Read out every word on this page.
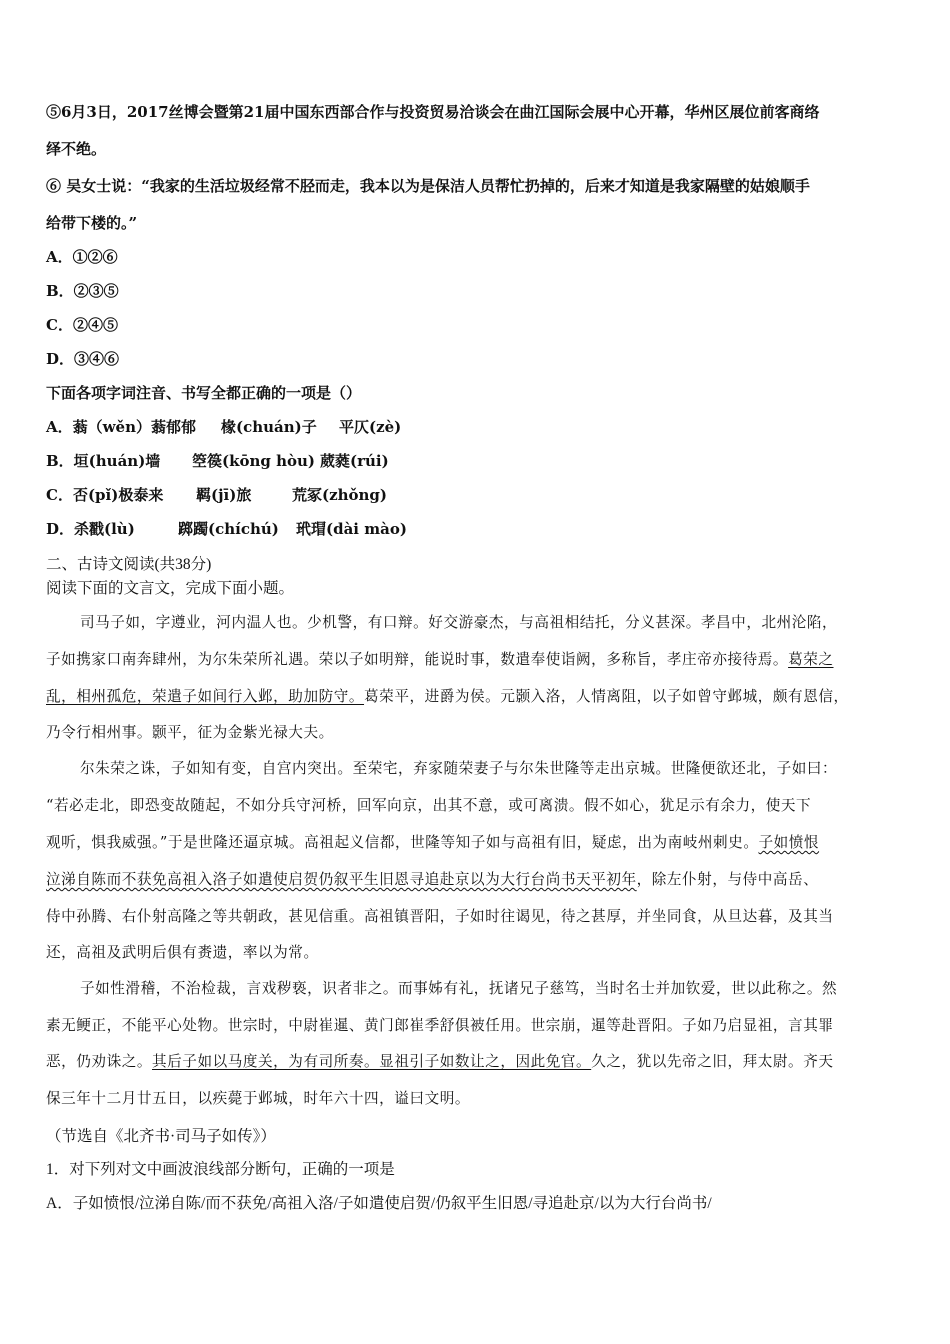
⑤6月3日，2017丝博会暨第21届中国东西部合作与投资贸易洽谈会在曲江国际会展中心开幕，华州区展位前客商络
绎不绝。
⑥ 吴女士说：“我家的生活垃圾经常不胫而走，我本以为是保洁人员帮忙扔掉的，后来才知道是我家隔壁的姑娘顺手
给带下楼的。”
A．①②⑥
B．②③⑤
C．②④⑤
D．③④⑥
下面各项字词注音、书写全都正确的一项是（）
A．蓊（wěn）蓊郁郁 椽(chuán)子 平仄(zè)
B．垣(huán)墙 箜篌(kōng hòu) 葳蕤(rúi)
C．否(pǐ)极泰来 羁(jī)旅	荒冢(zhǒng)
D．杀戳(lù)	踯躅(chíchú) 玳瑁(dài mào)
二、古诗文阅读(共38分)
阅读下面的文言文，完成下面小题。
司马子如，字遵业，河内温人也。少机警，有口辩。好交游豪杰，与高祖相结托，分义甚深。孝昌中，北州沦陷，
子如携家口南奔肆州，为尔朱荣所礼遇。荣以子如明辩，能说时事，数遣奉使诣阙，多称旨，孝庄帝亦接待焉。葛荣之
乱，相州孤危，荣遣子如间行入邺，助加防守。葛荣平，进爵为侯。元颢入洛，人情离阻，以子如曾守邺城，颇有恩信，
乃令行相州事。颢平，征为金紫光禄大夫。
尔朱荣之诛，子如知有变，自宫内突出。至荣宅，弃家随荣妻子与尔朱世隆等走出京城。世隆便欲还北，子如曰：
“若必走北，即恐变故随起，不如分兵守河桥，回军向京，出其不意，或可离溃。假不如心，犹足示有余力，使天下
观听，惧我威强。”于是世隆还逼京城。高祖起义信都，世隆等知子如与高祖有旧，疑虑，出为南岐州刺史。子如愤恨
泣涕自陈而不获免高祖入洛子如遣使启贺仍叙平生旧恩寻追赴京以为大行台尚书天平初年，除左仆射，与侍中高岳、
侍中孙腾、右仆射高隆之等共朝政，甚见信重。高祖镇晋阳，子如时往谒见，待之甚厚，并坐同食，从旦达暮，及其当
还，高祖及武明后俱有赉遗，率以为常。
子如性滑稽，不治检裁，言戏秽亵，识者非之。而事姊有礼，抚诸兄子慈笃，当时名士并加钦爱，世以此称之。然
素无鲠正，不能平心处物。世宗时，中尉崔暹、黄门郎崔季舒俱被任用。世宗崩，暹等赴晋阳。子如乃启显祖，言其罪
恶，仍劝诛之。其后子如以马度关，为有司所奏。显祖引子如数让之，因此免官。久之，犹以先帝之旧，拜太尉。齐天
保三年十二月廿五日，以疾薨于邺城，时年六十四，谥曰文明。
（节选自《北齐书·司马子如传》）
1．对下列对文中画波浪线部分断句，正确的一项是
A．子如愤恨/泣涕自陈/而不获免/高祖入洛/子如遣使启贺/仍叙平生旧恩/寻追赴京/以为大行台尚书/
